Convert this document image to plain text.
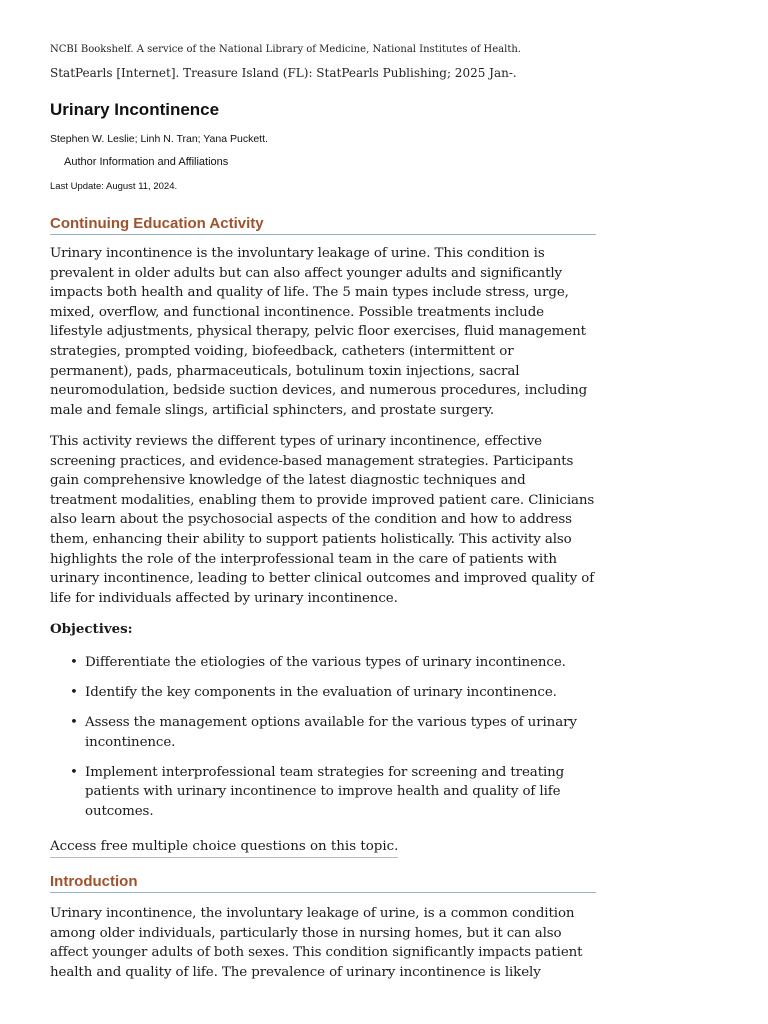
NCBI Bookshelf. A service of the National Library of Medicine, National Institutes of Health.
StatPearls [Internet]. Treasure Island (FL): StatPearls Publishing; 2025 Jan-.
Urinary Incontinence
Stephen W. Leslie; Linh N. Tran; Yana Puckett.
Author Information and Affiliations
Last Update: August 11, 2024.
Continuing Education Activity

Urinary incontinence is the involuntary leakage of urine. This condition is prevalent in older adults but can also affect younger adults and significantly impacts both health and quality of life. The 5 main types include stress, urge, mixed, overflow, and functional incontinence. Possible treatments include lifestyle adjustments, physical therapy, pelvic floor exercises, fluid management strategies, prompted voiding, biofeedback, catheters (intermittent or permanent), pads, pharmaceuticals, botulinum toxin injections, sacral neuromodulation, bedside suction devices, and numerous procedures, including male and female slings, artificial sphincters, and prostate surgery.

This activity reviews the different types of urinary incontinence, effective screening practices, and evidence-based management strategies. Participants gain comprehensive knowledge of the latest diagnostic techniques and treatment modalities, enabling them to provide improved patient care. Clinicians also learn about the psychosocial aspects of the condition and how to address them, enhancing their ability to support patients holistically. This activity also highlights the role of the interprofessional team in the care of patients with urinary incontinence, leading to better clinical outcomes and improved quality of life for individuals affected by urinary incontinence.

Objectives:

• Differentiate the etiologies of the various types of urinary incontinence.
• Identify the key components in the evaluation of urinary incontinence.
• Assess the management options available for the various types of urinary incontinence.
• Implement interprofessional team strategies for screening and treating patients with urinary incontinence to improve health and quality of life outcomes.
Access free multiple choice questions on this topic.
Introduction

Urinary incontinence, the involuntary leakage of urine, is a common condition among older individuals, particularly those in nursing homes, but it can also affect younger adults of both sexes. This condition significantly impacts patient health and quality of life. The prevalence of urinary incontinence is likely
